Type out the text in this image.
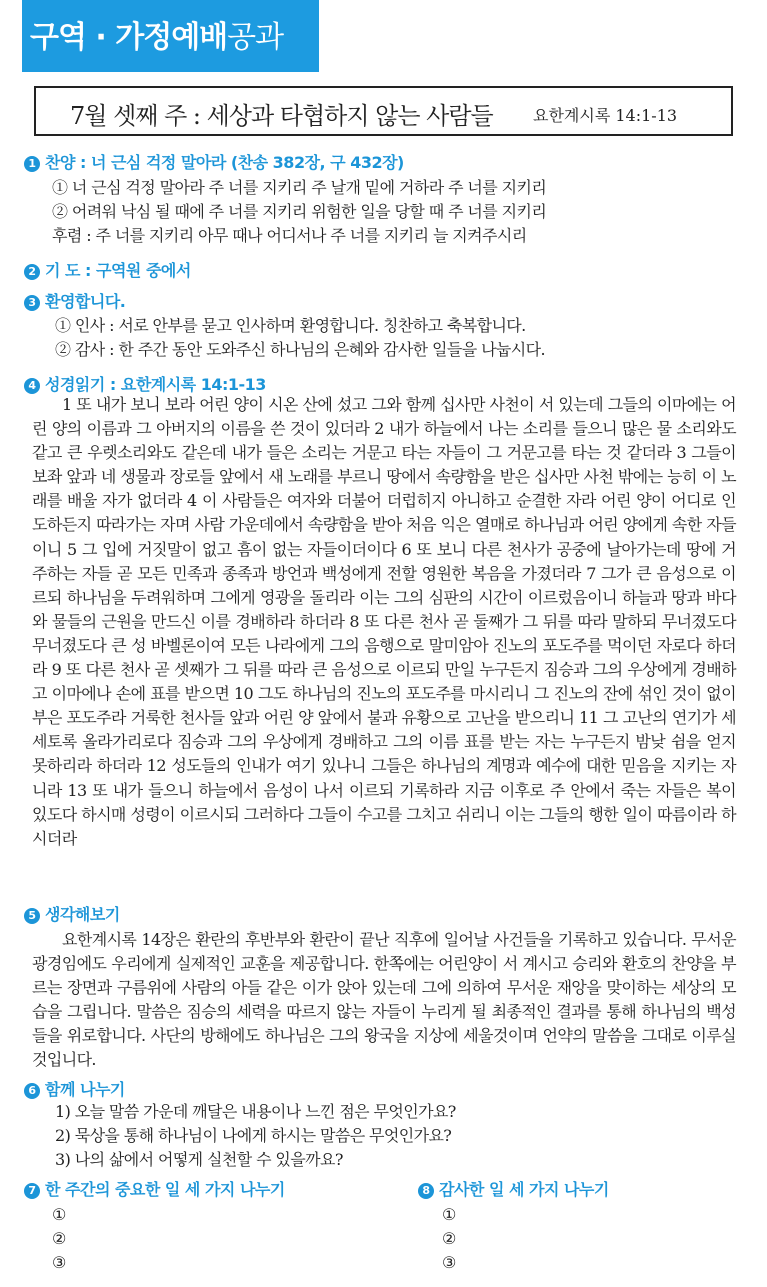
구역 · 가정예배공과
7월 셋째 주 : 세상과 타협하지 않는 사람들	요한계시록 14:1-13
1 찬양 : 너 근심 걱정 말아라 (찬송 382장, 구 432장)
① 너 근심 걱정 말아라 주 너를 지키리 주 날개 밑에 거하라 주 너를 지키리
② 어려워 낙심 될 때에 주 너를 지키리 위험한 일을 당할 때 주 너를 지키리
후렴 : 주 너를 지키리 아무 때나 어디서나 주 너를 지키리 늘 지켜주시리
2 기 도 : 구역원 중에서
3 환영합니다.
① 인사 : 서로 안부를 묻고 인사하며 환영합니다. 칭찬하고 축복합니다.
② 감사 : 한 주간 동안 도와주신 하나님의 은혜와 감사한 일들을 나눕시다.
4 성경읽기 : 요한계시록 14:1-13

1 또 내가 보니 보라 어린 양이 시온 산에 섰고 그와 함께 십사만 사천이 서 있는데 그들의 이마에는 어린 양의 이름과 그 아버지의 이름을 쓴 것이 있더라 2 내가 하늘에서 나는 소리를 들으니 많은 물 소리와도 같고 큰 우렛소리와도 같은데 내가 들은 소리는 거문고 타는 자들이 그 거문고를 타는 것 같더라 3 그들이 보좌 앞과 네 생물과 장로들 앞에서 새 노래를 부르니 땅에서 속량함을 받은 십사만 사천 밖에는 능히 이 노래를 배울 자가 없더라 4 이 사람들은 여자와 더불어 더럽히지 아니하고 순결한 자라 어린 양이 어디로 인도하든지 따라가는 자며 사람 가운데에서 속량함을 받아 처음 익은 열매로 하나님과 어린 양에게 속한 자들이니 5 그 입에 거짓말이 없고 흠이 없는 자들이더이다 6 또 보니 다른 천사가 공중에 날아가는데 땅에 거주하는 자들 곧 모든 민족과 종족과 방언과 백성에게 전할 영원한 복음을 가졌더라 7 그가 큰 음성으로 이르되 하나님을 두려워하며 그에게 영광을 돌리라 이는 그의 심판의 시간이 이르렀음이니 하늘과 땅과 바다와 물들의 근원을 만드신 이를 경배하라 하더라 8 또 다른 천사 곧 둘째가 그 뒤를 따라 말하되 무너졌도다 무너졌도다 큰 성 바벨론이여 모든 나라에게 그의 음행으로 말미암아 진노의 포도주를 먹이던 자로다 하더라 9 또 다른 천사 곧 셋째가 그 뒤를 따라 큰 음성으로 이르되 만일 누구든지 짐승과 그의 우상에게 경배하고 이마에나 손에 표를 받으면 10 그도 하나님의 진노의 포도주를 마시리니 그 진노의 잔에 섞인 것이 없이 부은 포도주라 거룩한 천사들 앞과 어린 양 앞에서 불과 유황으로 고난을 받으리니 11 그 고난의 연기가 세세토록 올라가리로다 짐승과 그의 우상에게 경배하고 그의 이름 표를 받는 자는 누구든지 밤낮 쉼을 얻지 못하리라 하더라 12 성도들의 인내가 여기 있나니 그들은 하나님의 계명과 예수에 대한 믿음을 지키는 자니라 13 또 내가 들으니 하늘에서 음성이 나서 이르되 기록하라 지금 이후로 주 안에서 죽는 자들은 복이 있도다 하시매 성령이 이르시되 그러하다 그들이 수고를 그치고 쉬리니 이는 그들의 행한 일이 따름이라 하시더라

5 생각해보기

요한계시록 14장은 환란의 후반부와 환란이 끝난 직후에 일어날 사건들을 기록하고 있습니다. 무서운 광경임에도 우리에게 실제적인 교훈을 제공합니다. 한쪽에는 어린양이 서 계시고 승리와 환호의 찬양을 부르는 장면과 구름위에 사람의 아들 같은 이가 앉아 있는데 그에 의하여 무서운 재앙을 맞이하는 세상의 모습을 그립니다. 말씀은 짐승의 세력을 따르지 않는 자들이 누리게 될 최종적인 결과를 통해 하나님의 백성들을 위로합니다. 사단의 방해에도 하나님은 그의 왕국을 지상에 세울것이며 언약의 말씀을 그대로 이루실것입니다.

6 함께 나누기
1) 오늘 말씀 가운데 깨달은 내용이나 느낀 점은 무엇인가요?
2) 묵상을 통해 하나님이 나에게 하시는 말씀은 무엇인가요?
3) 나의 삶에서 어떻게 실천할 수 있을까요?
7 한 주간의 중요한 일 세 가지 나누기
①
②
③
8 감사한 일 세 가지 나누기
①
②
③
